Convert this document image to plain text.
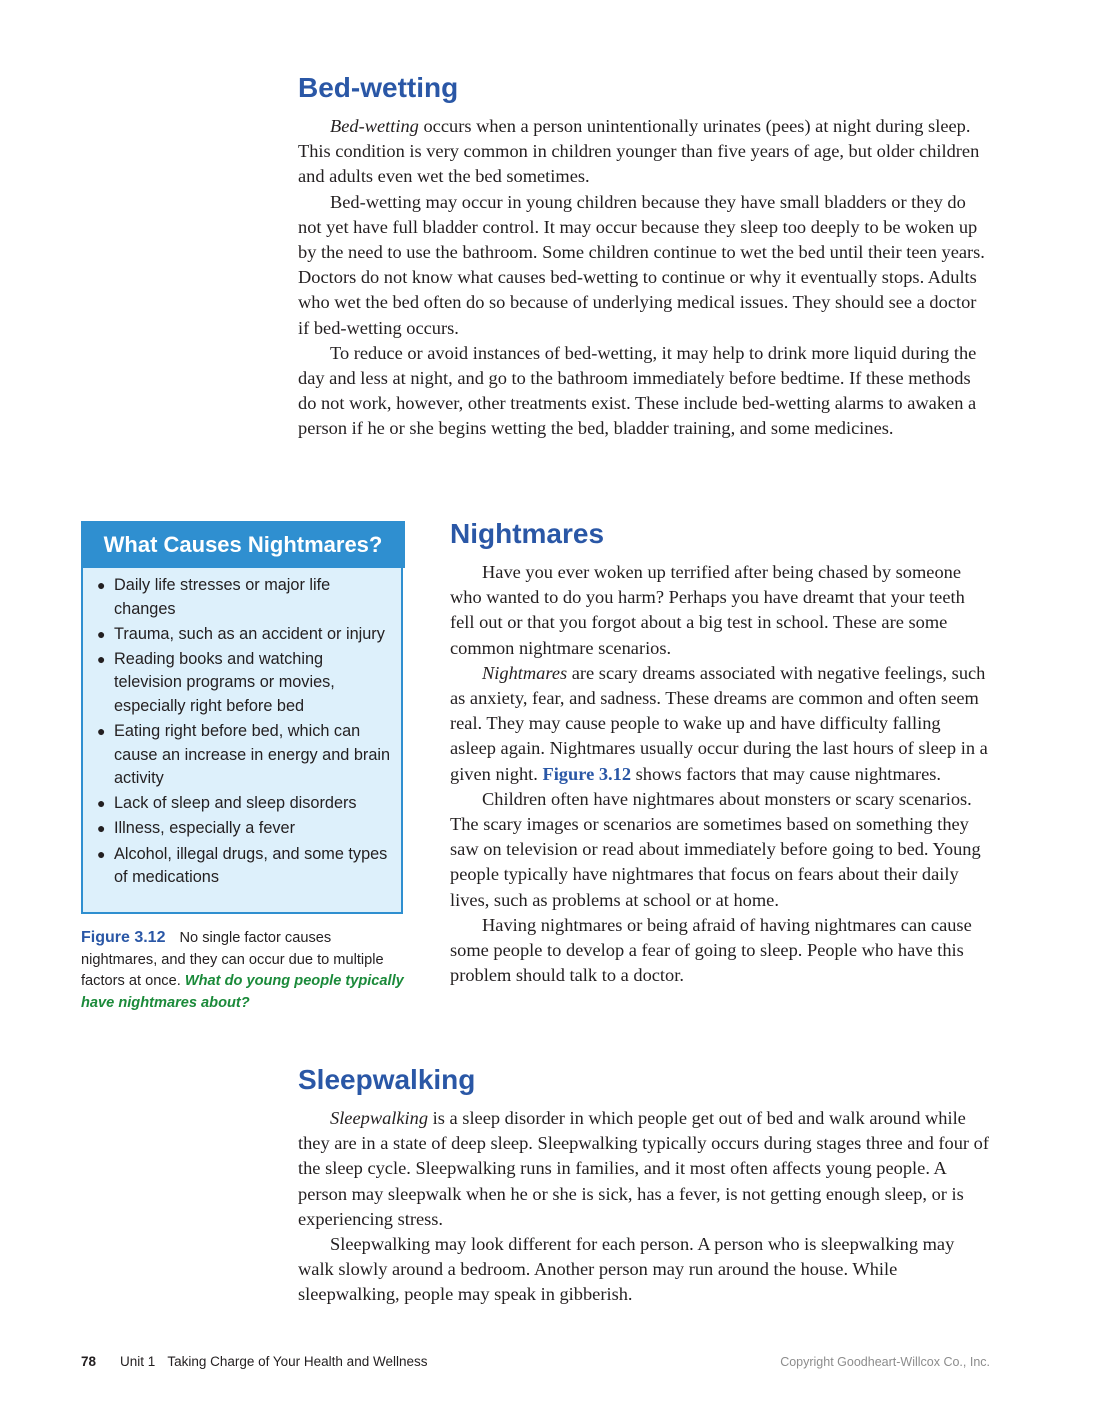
Bed-wetting

Bed-wetting occurs when a person unintentionally urinates (pees) at night during sleep. This condition is very common in children younger than five years of age, but older children and adults even wet the bed sometimes.

Bed-wetting may occur in young children because they have small bladders or they do not yet have full bladder control. It may occur because they sleep too deeply to be woken up by the need to use the bathroom. Some children continue to wet the bed until their teen years. Doctors do not know what causes bed-wetting to continue or why it eventually stops. Adults who wet the bed often do so because of underlying medical issues. They should see a doctor if bed-wetting occurs.

To reduce or avoid instances of bed-wetting, it may help to drink more liquid during the day and less at night, and go to the bathroom immediately before bedtime. If these methods do not work, however, other treatments exist. These include bed-wetting alarms to awaken a person if he or she begins wetting the bed, bladder training, and some medicines.

What Causes Nightmares?
● Daily life stresses or major life changes
● Trauma, such as an accident or injury
● Reading books and watching television programs or movies, especially right before bed
● Eating right before bed, which can cause an increase in energy and brain activity
● Lack of sleep and sleep disorders
● Illness, especially a fever
● Alcohol, illegal drugs, and some types of medications
Figure 3.12 No single factor causes nightmares, and they can occur due to multiple factors at once. What do young people typically have nightmares about?
Nightmares

Have you ever woken up terrified after being chased by someone who wanted to do you harm? Perhaps you have dreamt that your teeth fell out or that you forgot about a big test in school. These are some common nightmare scenarios.

Nightmares are scary dreams associated with negative feelings, such as anxiety, fear, and sadness. These dreams are common and often seem real. They may cause people to wake up and have difficulty falling asleep again. Nightmares usually occur during the last hours of sleep in a given night. Figure 3.12 shows factors that may cause nightmares.

Children often have nightmares about monsters or scary scenarios. The scary images or scenarios are sometimes based on something they saw on television or read about immediately before going to bed. Young people typically have nightmares that focus on fears about their daily lives, such as problems at school or at home.

Having nightmares or being afraid of having nightmares can cause some people to develop a fear of going to sleep. People who have this problem should talk to a doctor.

Sleepwalking

Sleepwalking is a sleep disorder in which people get out of bed and walk around while they are in a state of deep sleep. Sleepwalking typically occurs during stages three and four of the sleep cycle. Sleepwalking runs in families, and it most often affects young people. A person may sleepwalk when he or she is sick, has a fever, is not getting enough sleep, or is experiencing stress.

Sleepwalking may look different for each person. A person who is sleepwalking may walk slowly around a bedroom. Another person may run around the house. While sleepwalking, people may speak in gibberish.

78 Unit 1 Taking Charge of Your Health and Wellness	Copyright Goodheart-Willcox Co., Inc.
